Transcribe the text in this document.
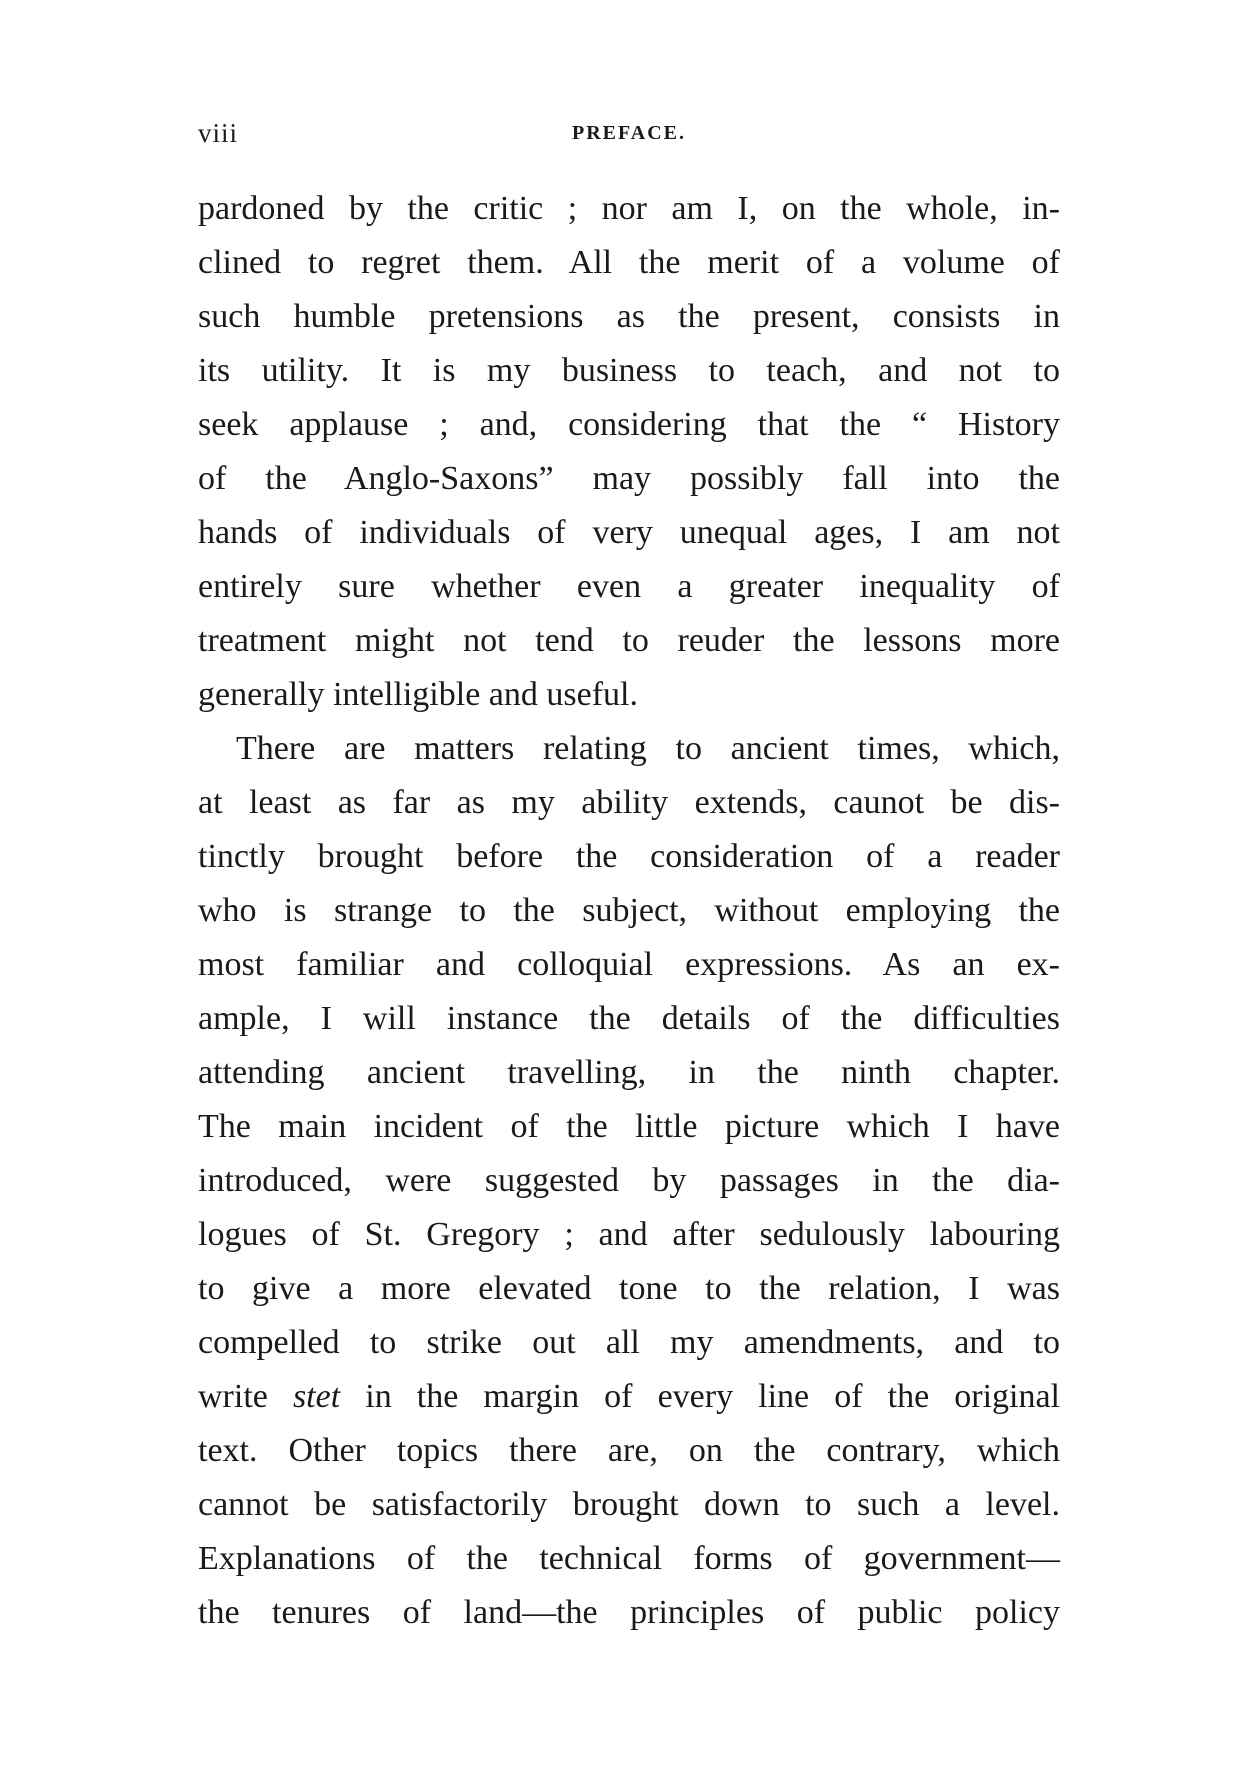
viii	PREFACE.
pardoned by the critic ; nor am I, on the whole, in-
clined to regret them. All the merit of a volume of
such humble pretensions as the present, consists in
its utility. It is my business to teach, and not to
seek applause ; and, considering that the “ History
of the Anglo-Saxons” may possibly fall into the
hands of individuals of very unequal ages, I am not
entirely sure whether even a greater inequality of
treatment might not tend to reuder the lessons more
generally intelligible and useful.
There are matters relating to ancient times, which,
at least as far as my ability extends, caunot be dis-
tinctly brought before the consideration of a reader
who is strange to the subject, without employing the
most familiar and colloquial expressions. As an ex-
ample, I will instance the details of the difficulties
attending ancient travelling, in the ninth chapter.
The main incident of the little picture which I have
introduced, were suggested by passages in the dia-
logues of St. Gregory ; and after sedulously labouring
to give a more elevated tone to the relation, I was
compelled to strike out all my amendments, and to
write stet in the margin of every line of the original
text. Other topics there are, on the contrary, which
cannot be satisfactorily brought down to such a level.
Explanations of the technical forms of government—
the tenures of land—the principles of public policy
